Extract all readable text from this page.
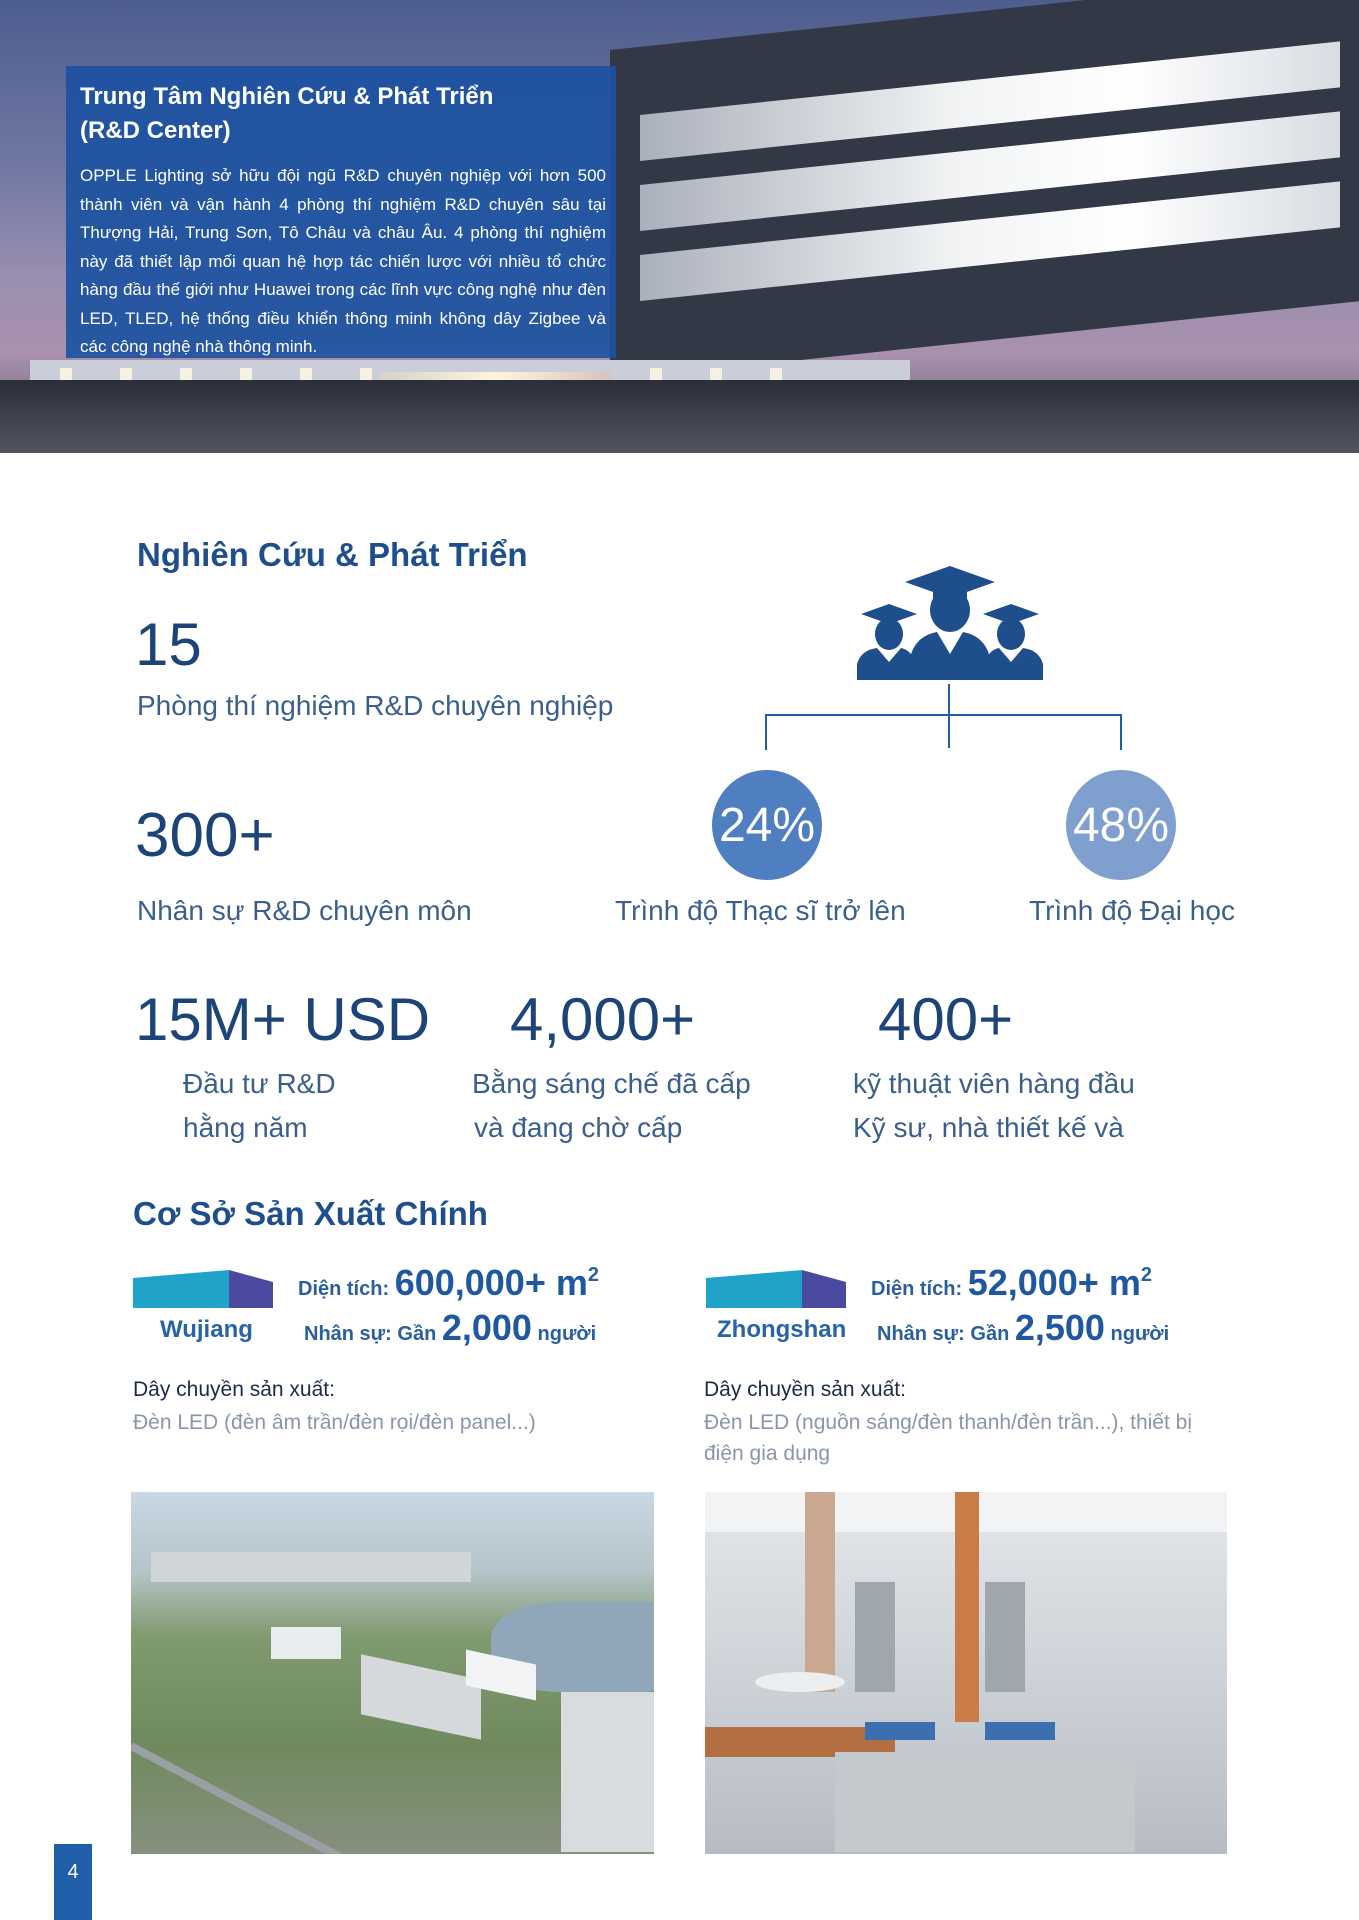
Trung Tâm Nghiên Cứu & Phát Triển
(R&D Center)
OPPLE Lighting sở hữu đội ngũ R&D chuyên nghiệp với hơn 500 thành viên và vận hành 4 phòng thí nghiệm R&D chuyên sâu tại Thượng Hải, Trung Sơn, Tô Châu và châu Âu. 4 phòng thí nghiệm này đã thiết lập mối quan hệ hợp tác chiến lược với nhiều tổ chức hàng đầu thế giới như Huawei trong các lĩnh vực công nghệ như đèn LED, TLED, hệ thống điều khiển thông minh không dây Zigbee và các công nghệ nhà thông minh.
Nghiên Cứu & Phát Triển
15
Phòng thí nghiệm R&D chuyên nghiệp
300+
Nhân sự R&D chuyên môn
24%
Trình độ Thạc sĩ trở lên
48%
Trình độ Đại học
15M+ USD
Đầu tư R&D
hằng năm
4,000+
Bằng sáng chế đã cấp
và đang chờ cấp
400+
kỹ thuật viên hàng đầu
Kỹ sư, nhà thiết kế và
Cơ Sở Sản Xuất Chính
Wujiang
Diện tích: $600,000+ m^2$
Nhân sự: Gần 2,000 người
Dây chuyền sản xuất:
Đèn LED (đèn âm trần/đèn rọi/đèn panel...)
Zhongshan
Diện tích: $52,000+ m^2$
Nhân sự: Gần 2,500 người
Dây chuyền sản xuất:
Đèn LED (nguồn sáng/đèn thanh/đèn trần...), thiết bị
điện gia dụng
4
